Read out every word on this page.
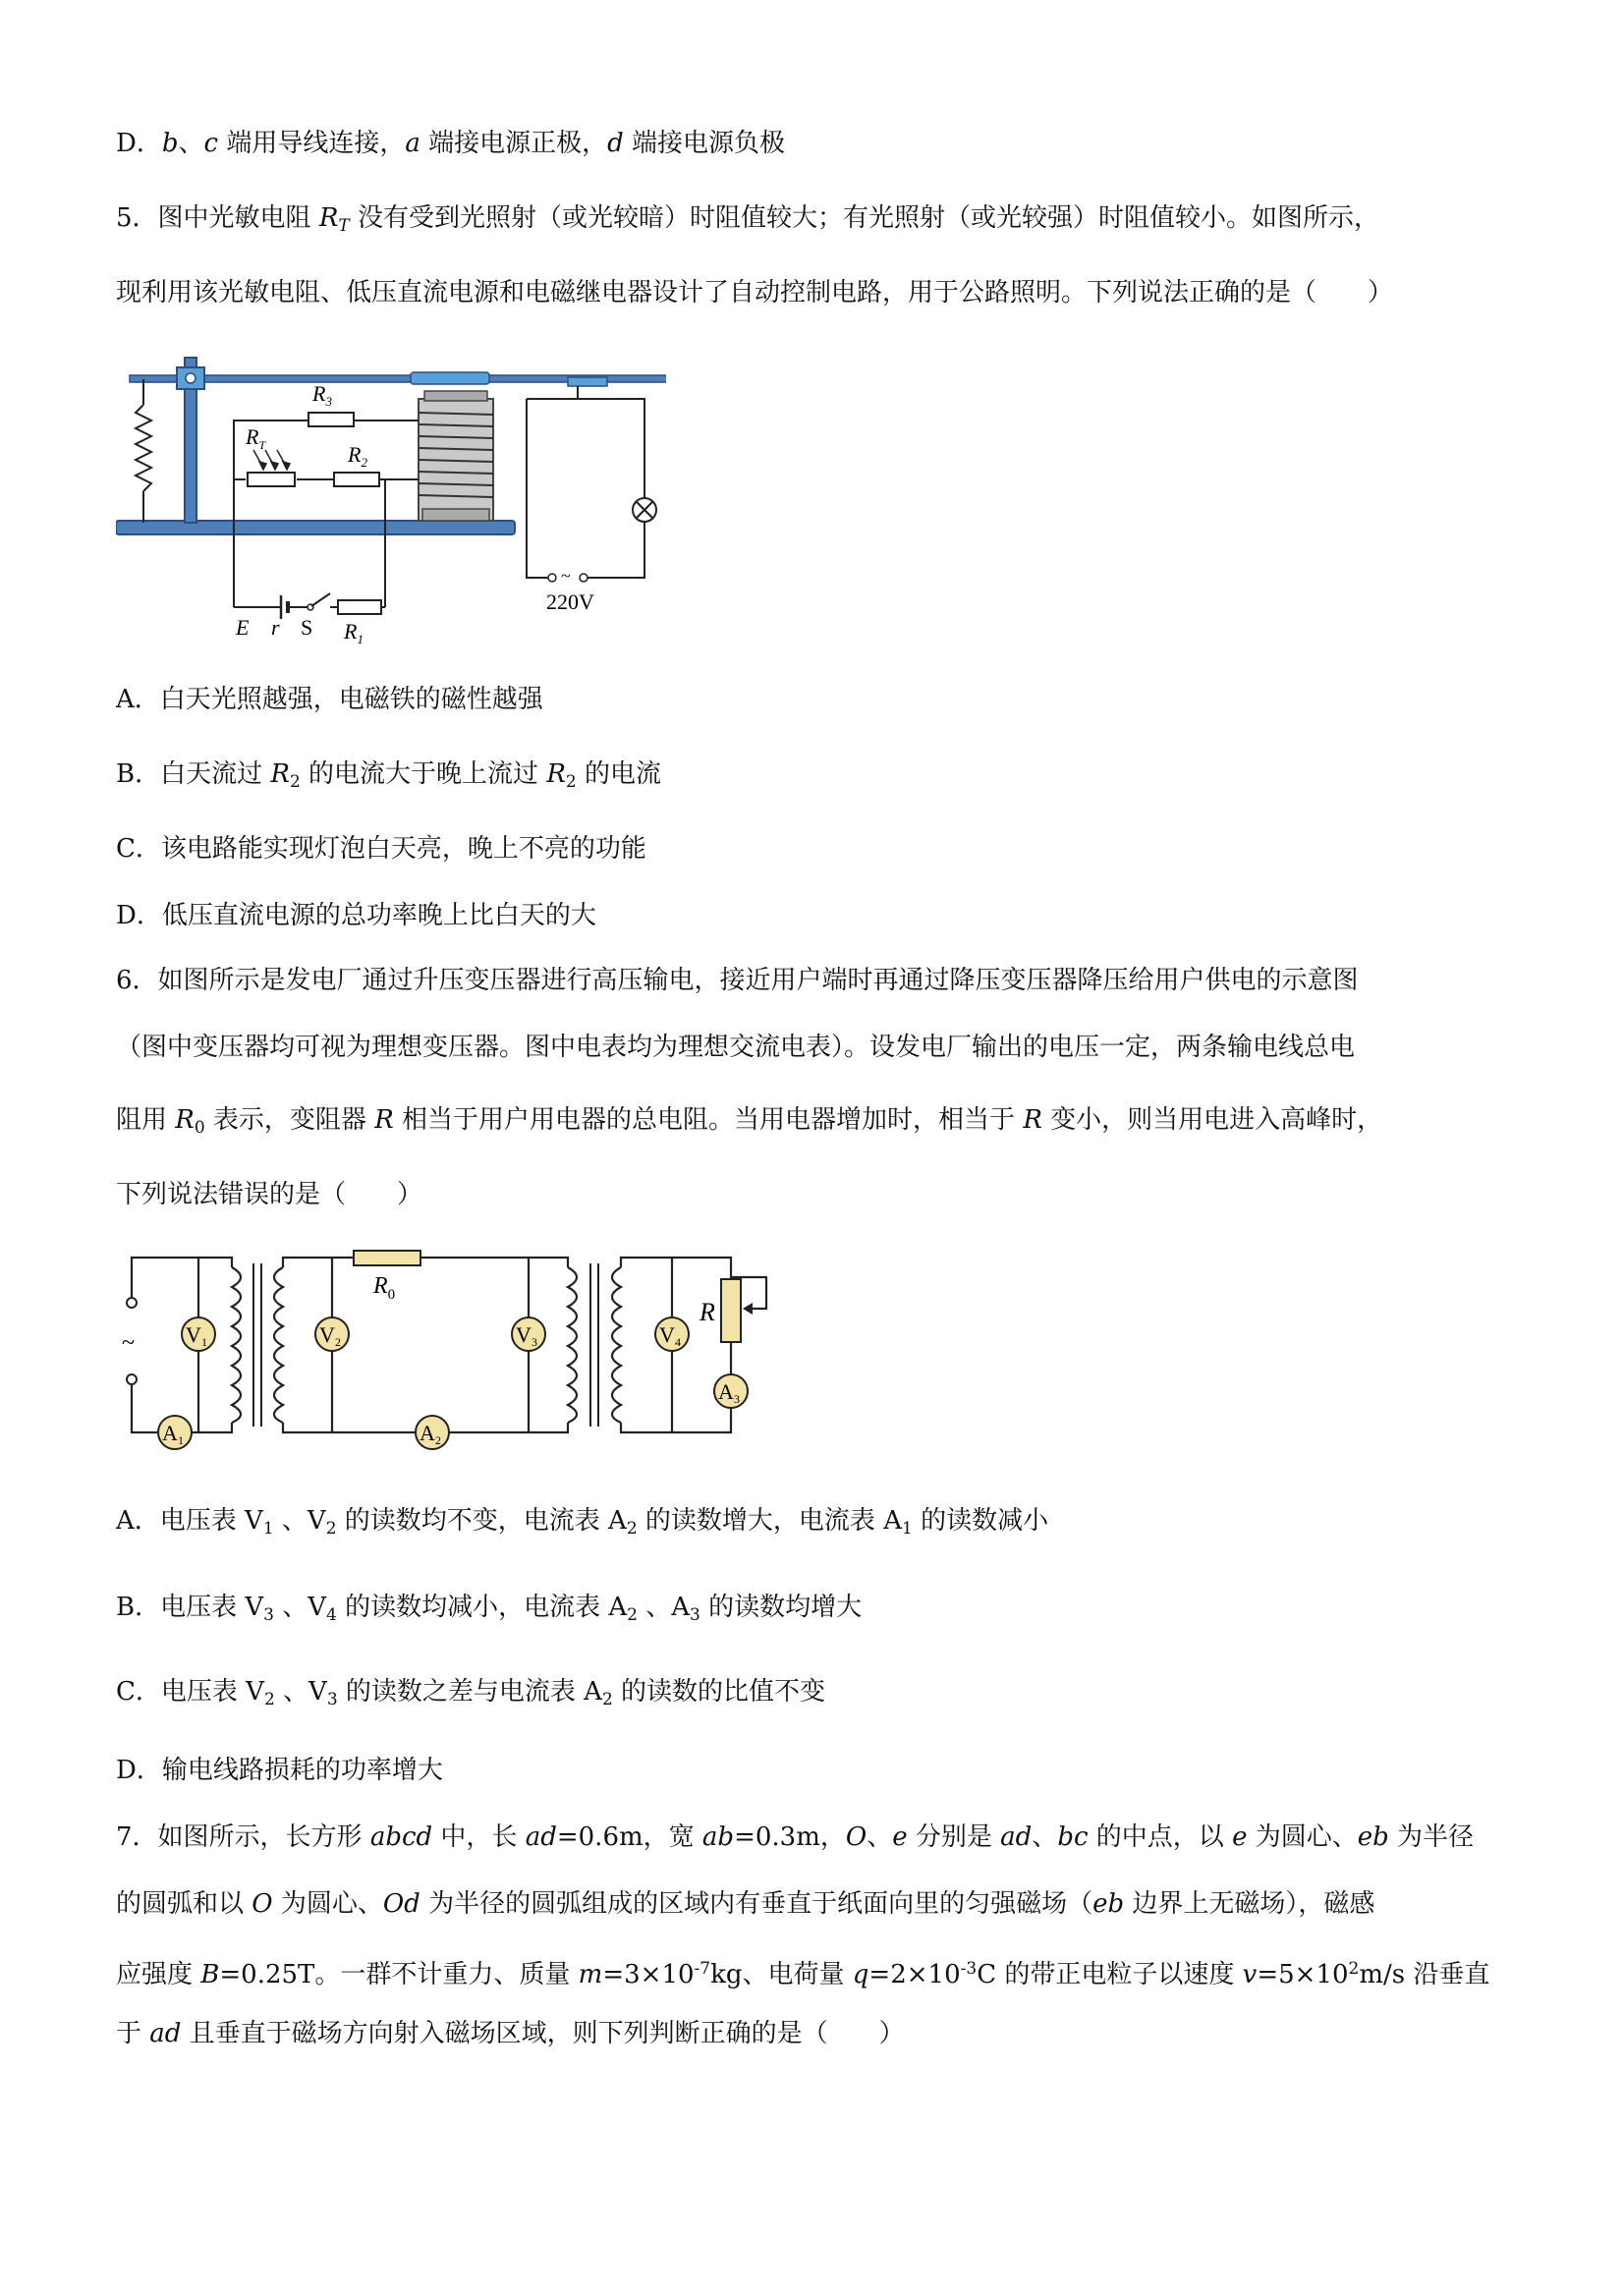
D．b、c 端用导线连接，a 端接电源正极，d 端接电源负极
5．图中光敏电阻 $R_T$ 没有受到光照射（或光较暗）时阻值较大；有光照射（或光较强）时阻值较小。如图所示，
现利用该光敏电阻、低压直流电源和电磁继电器设计了自动控制电路，用于公路照明。下列说法正确的是（　　）
~
$R_3$
$R_T$	$R_2$
E r S $R_1$
220V
A．白天光照越强，电磁铁的磁性越强
B．白天流过 $R_2$ 的电流大于晚上流过 $R_2$ 的电流
C．该电路能实现灯泡白天亮，晚上不亮的功能
D．低压直流电源的总功率晚上比白天的大
6．如图所示是发电厂通过升压变压器进行高压输电，接近用户端时再通过降压变压器降压给用户供电的示意图
（图中变压器均可视为理想变压器。图中电表均为理想交流电表）。设发电厂输出的电压一定，两条输电线总电
阻用 $R_0$ 表示，变阻器 R 相当于用户用电器的总电阻。当用电器增加时，相当于 R 变小，则当用电进入高峰时，
下列说法错误的是（　　）
~
$R_0$
R
V1	V2	V3	V4
A1	A2
A3
A．电压表 $V_1$ 、$V_2$ 的读数均不变，电流表 $A_2$ 的读数增大，电流表 $A_1$ 的读数减小
B．电压表 $V_3$ 、$V_4$ 的读数均减小，电流表 $A_2$ 、$A_3$ 的读数均增大
C．电压表 $V_2$ 、$V_3$ 的读数之差与电流表 $A_2$ 的读数的比值不变
D．输电线路损耗的功率增大
7．如图所示，长方形 abcd 中，长 ad=0.6m，宽 ab=0.3m，O、e 分别是 ad、bc 的中点，以 e 为圆心、eb 为半径
的圆弧和以 O 为圆心、Od 为半径的圆弧组成的区域内有垂直于纸面向里的匀强磁场（eb 边界上无磁场），磁感
应强度 B=0.25T。一群不计重力、质量 $m=3\times 10^{-7}kg$、电荷量 $q=2\times 10^{-3}C$ 的带正电粒子以速度 $v=5\times 10^2m/s$ 沿垂直
于 ad 且垂直于磁场方向射入磁场区域，则下列判断正确的是（　　）
